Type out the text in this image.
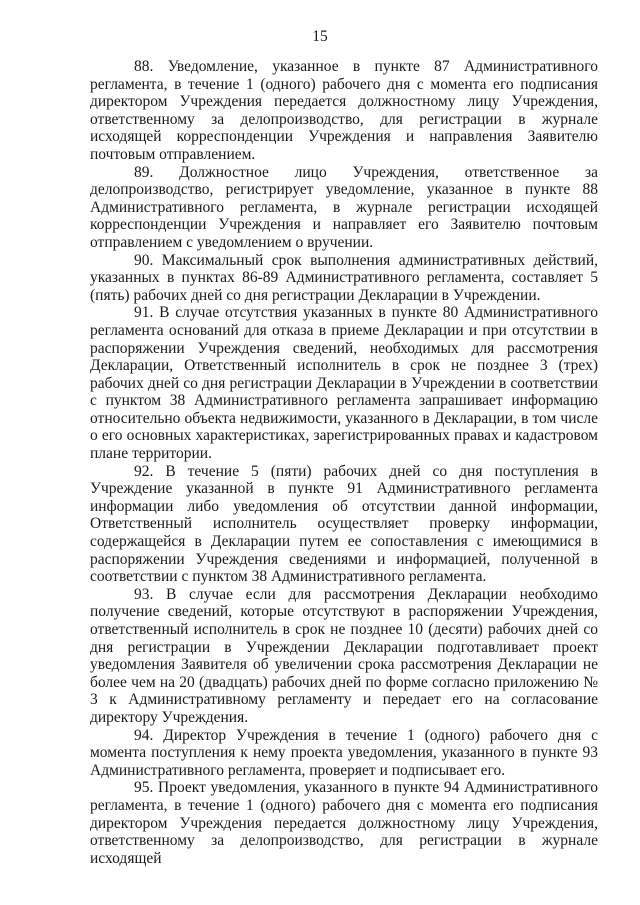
15

88. Уведомление, указанное в пункте 87 Административного регламента, в течение 1 (одного) рабочего дня с момента его подписания директором Учреждения передается должностному лицу Учреждения, ответственному за делопроизводство, для регистрации в журнале исходящей корреспонденции Учреждения и направления Заявителю почтовым отправлением.

89. Должностное лицо Учреждения, ответственное за делопроизводство, регистрирует уведомление, указанное в пункте 88 Административного регламента, в журнале регистрации исходящей корреспонденции Учреждения и направляет его Заявителю почтовым отправлением с уведомлением о вручении.

90. Максимальный срок выполнения административных действий, указанных в пунктах 86-89 Административного регламента, составляет 5 (пять) рабочих дней со дня регистрации Декларации в Учреждении.

91. В случае отсутствия указанных в пункте 80 Административного регламента оснований для отказа в приеме Декларации и при отсутствии в распоряжении Учреждения сведений, необходимых для рассмотрения Декларации, Ответственный исполнитель в срок не позднее 3 (трех) рабочих дней со дня регистрации Декларации в Учреждении в соответствии с пунктом 38 Административного регламента запрашивает информацию относительно объекта недвижимости, указанного в Декларации, в том числе о его основных характеристиках, зарегистрированных правах и кадастровом плане территории.

92. В течение 5 (пяти) рабочих дней со дня поступления в Учреждение указанной в пункте 91 Административного регламента информации либо уведомления об отсутствии данной информации, Ответственный исполнитель осуществляет проверку информации, содержащейся в Декларации путем ее сопоставления с имеющимися в распоряжении Учреждения сведениями и информацией, полученной в соответствии с пунктом 38 Административного регламента.

93. В случае если для рассмотрения Декларации необходимо получение сведений, которые отсутствуют в распоряжении Учреждения, ответственный исполнитель в срок не позднее 10 (десяти) рабочих дней со дня регистрации в Учреждении Декларации подготавливает проект уведомления Заявителя об увеличении срока рассмотрения Декларации не более чем на 20 (двадцать) рабочих дней по форме согласно приложению № 3 к Административному регламенту и передает его на согласование директору Учреждения.

94. Директор Учреждения в течение 1 (одного) рабочего дня с момента поступления к нему проекта уведомления, указанного в пункте 93 Административного регламента, проверяет и подписывает его.

95. Проект уведомления, указанного в пункте 94 Административного регламента, в течение 1 (одного) рабочего дня с момента его подписания директором Учреждения передается должностному лицу Учреждения, ответственному за делопроизводство, для регистрации в журнале исходящей
